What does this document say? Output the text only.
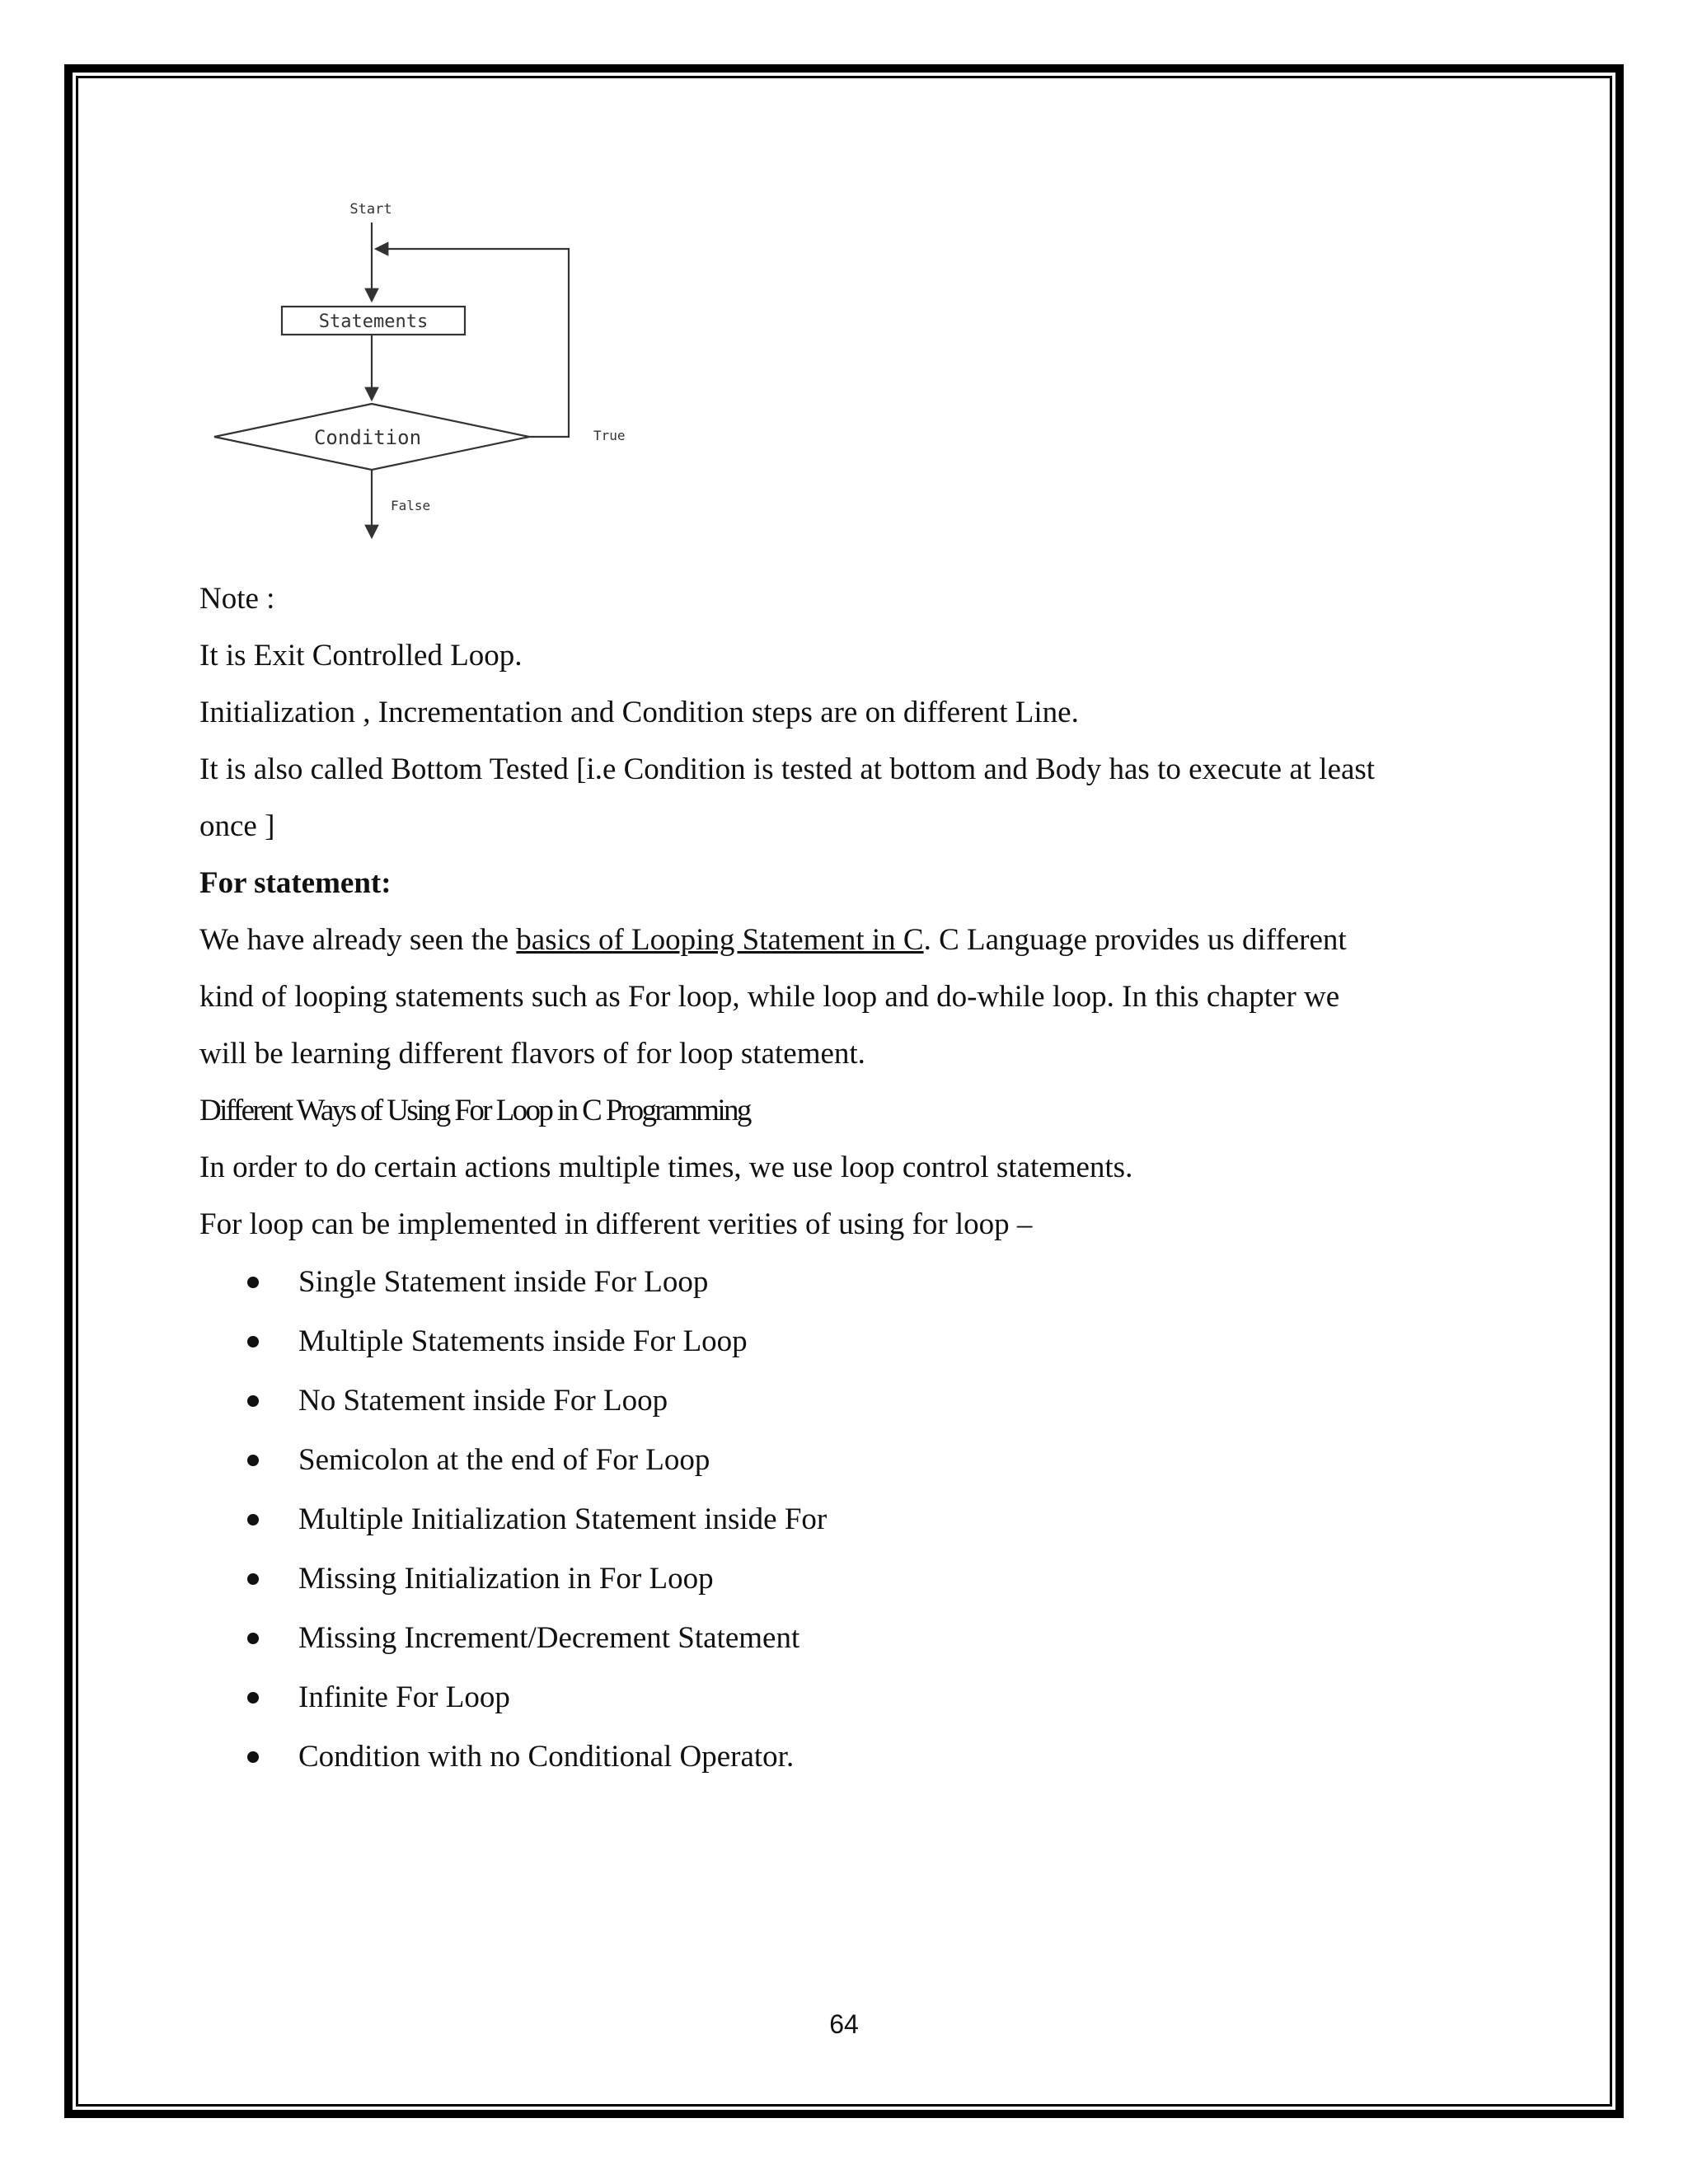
Start
Statements
Condition	True
False

Note :

It is Exit Controlled Loop.

Initialization , Incrementation and Condition steps are on different Line.

It is also called Bottom Tested [i.e Condition is tested at bottom and Body has to execute at least

once ]

For statement:

We have already seen the basics of Looping Statement in C. C Language provides us different

kind of looping statements such as For loop, while loop and do-while loop. In this chapter we

will be learning different flavors of for loop statement.

Different Ways of Using For Loop in C Programming

In order to do certain actions multiple times, we use loop control statements.

For loop can be implemented in different verities of using for loop –

Single Statement inside For Loop
Multiple Statements inside For Loop
No Statement inside For Loop
Semicolon at the end of For Loop
Multiple Initialization Statement inside For
Missing Initialization in For Loop
Missing Increment/Decrement Statement
Infinite For Loop
Condition with no Conditional Operator.
64
